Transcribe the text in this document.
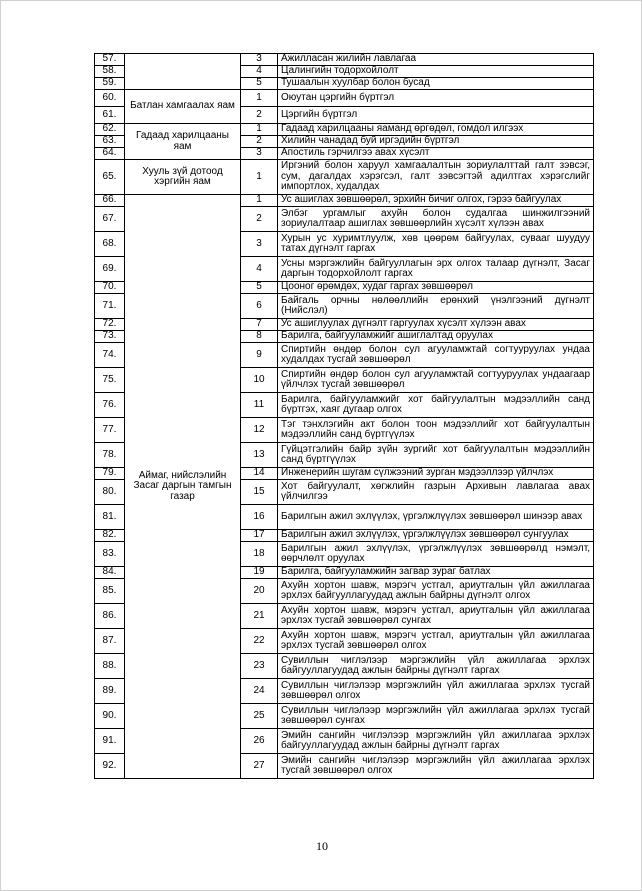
57.		3	Ажилласан жилийн лавлагаа
58.		4	Цалингийн тодорхойлолт
59.		5	Тушаалын хуулбар болон бусад
60.	Батлан хамгаалах яам	1	Оюутан цэргийн бүртгэл
61.		2	Цэргийн бүртгэл
62.	Гадаад харилцааны яам	1	Гадаад харилцааны яаманд өргөдөл, гомдол илгээх
63.		2	Хилийн чанадад буй иргэдийн бүртгэл
64.		3	Апостиль гэрчилгээ авах хүсэлт
65.	Хууль зүй дотоод хэргийн яам	1	Иргэний болон харуул хамгаалалтын зориулалттай галт зэвсэг, сум, дагалдах хэрэгсэл, галт зэвсэгтэй адилтгах хэрэгслийг импортлох, худалдах
66.	Аймаг, нийслэлийн Засаг даргын тамгын газар	1	Ус ашиглах зөвшөөрөл, эрхийн бичиг олгох, гэрээ байгуулах
67.		2	Элбэг ургамлыг ахуйн болон судалгаа шинжилгээний зориулалтаар ашиглах зөвшөөрлийн хүсэлт хүлээн авах
68.		3	Хурын ус хуримтлуулж, хөв цөөрөм байгуулах, сувааг шуудуу татах дүгнэлт гаргах
69.		4	Усны мэргэжлийн байгууллагын эрх олгох талаар дүгнэлт, Засаг даргын тодорхойлолт гаргах
70.		5	Цооног өрөмдөх, худаг гаргах зөвшөөрөл
71.		6	Байгаль орчны нөлөөллийн ерөнхий үнэлгээний дүгнэлт (Нийслэл)
72.		7	Ус ашиглуулах дүгнэлт гаргуулах хүсэлт хүлээн авах
73.		8	Барилга, байгууламжийг ашиглалтад оруулах
74.		9	Спиртийн өндөр болон сул агууламжтай согтууруулах ундаа худалдах тусгай зөвшөөрөл
75.		10	Спиртийн өндөр болон сул агууламжтай согтууруулах ундаагаар үйлчлэх тусгай зөвшөөрөл
76.		11	Барилга, байгууламжийг хот байгуулалтын мэдээллийн санд бүртгэх, хаяг дугаар олгох
77.		12	Тэг тэнхлэгийн акт болон тоон мэдээллийг хот байгуулалтын мэдээллийн санд бүртгүүлэх
78.		13	Гүйцэтгэлийн байр зүйн зургийг хот байгуулалтын мэдээллийн санд бүртгүүлэх
79.		14	Инженерийн шугам сүлжээний зурган мэдээллээр үйлчлэх
80.		15	Хот байгуулалт, хөгжлийн газрын Архивын лавлагаа авах үйлчилгээ
81.		16	Барилгын ажил эхлүүлэх, үргэлжлүүлэх зөвшөөрөл шинээр авах
82.		17	Барилгын ажил эхлүүлэх, үргэлжлүүлэх зөвшөөрөл сунгуулах
83.		18	Барилгын ажил эхлүүлэх, үргэлжлүүлэх зөвшөөрөлд нэмэлт, өөрчлөлт оруулах
84.		19	Барилга, байгууламжийн загвар зураг батлах
85.		20	Ахуйн хортон шавж, мэрэгч устгал, ариутгалын үйл ажиллагаа эрхлэх байгууллагуудад ажлын байрны дүгнэлт олгох
86.		21	Ахуйн хортон шавж, мэрэгч устгал, ариутгалын үйл ажиллагаа эрхлэх тусгай зөвшөөрөл сунгах
87.		22	Ахуйн хортон шавж, мэрэгч устгал, ариутгалын үйл ажиллагаа эрхлэх тусгай зөвшөөрөл олгох
88.		23	Сувиллын чиглэлээр мэргэжлийн үйл ажиллагаа эрхлэх байгууллагуудад ажлын байрны дүгнэлт гаргах
89.		24	Сувиллын чиглэлээр мэргэжлийн үйл ажиллагаа эрхлэх тусгай зөвшөөрөл олгох
90.		25	Сувиллын чиглэлээр мэргэжлийн үйл ажиллагаа эрхлэх тусгай зөвшөөрөл сунгах
91.		26	Эмийн сангийн чиглэлээр мэргэжлийн үйл ажиллагаа эрхлэх байгууллагуудад ажлын байрны дүгнэлт гаргах
92.		27	Эмийн сангийн чиглэлээр мэргэжлийн үйл ажиллагаа эрхлэх тусгай зөвшөөрөл олгох
10
